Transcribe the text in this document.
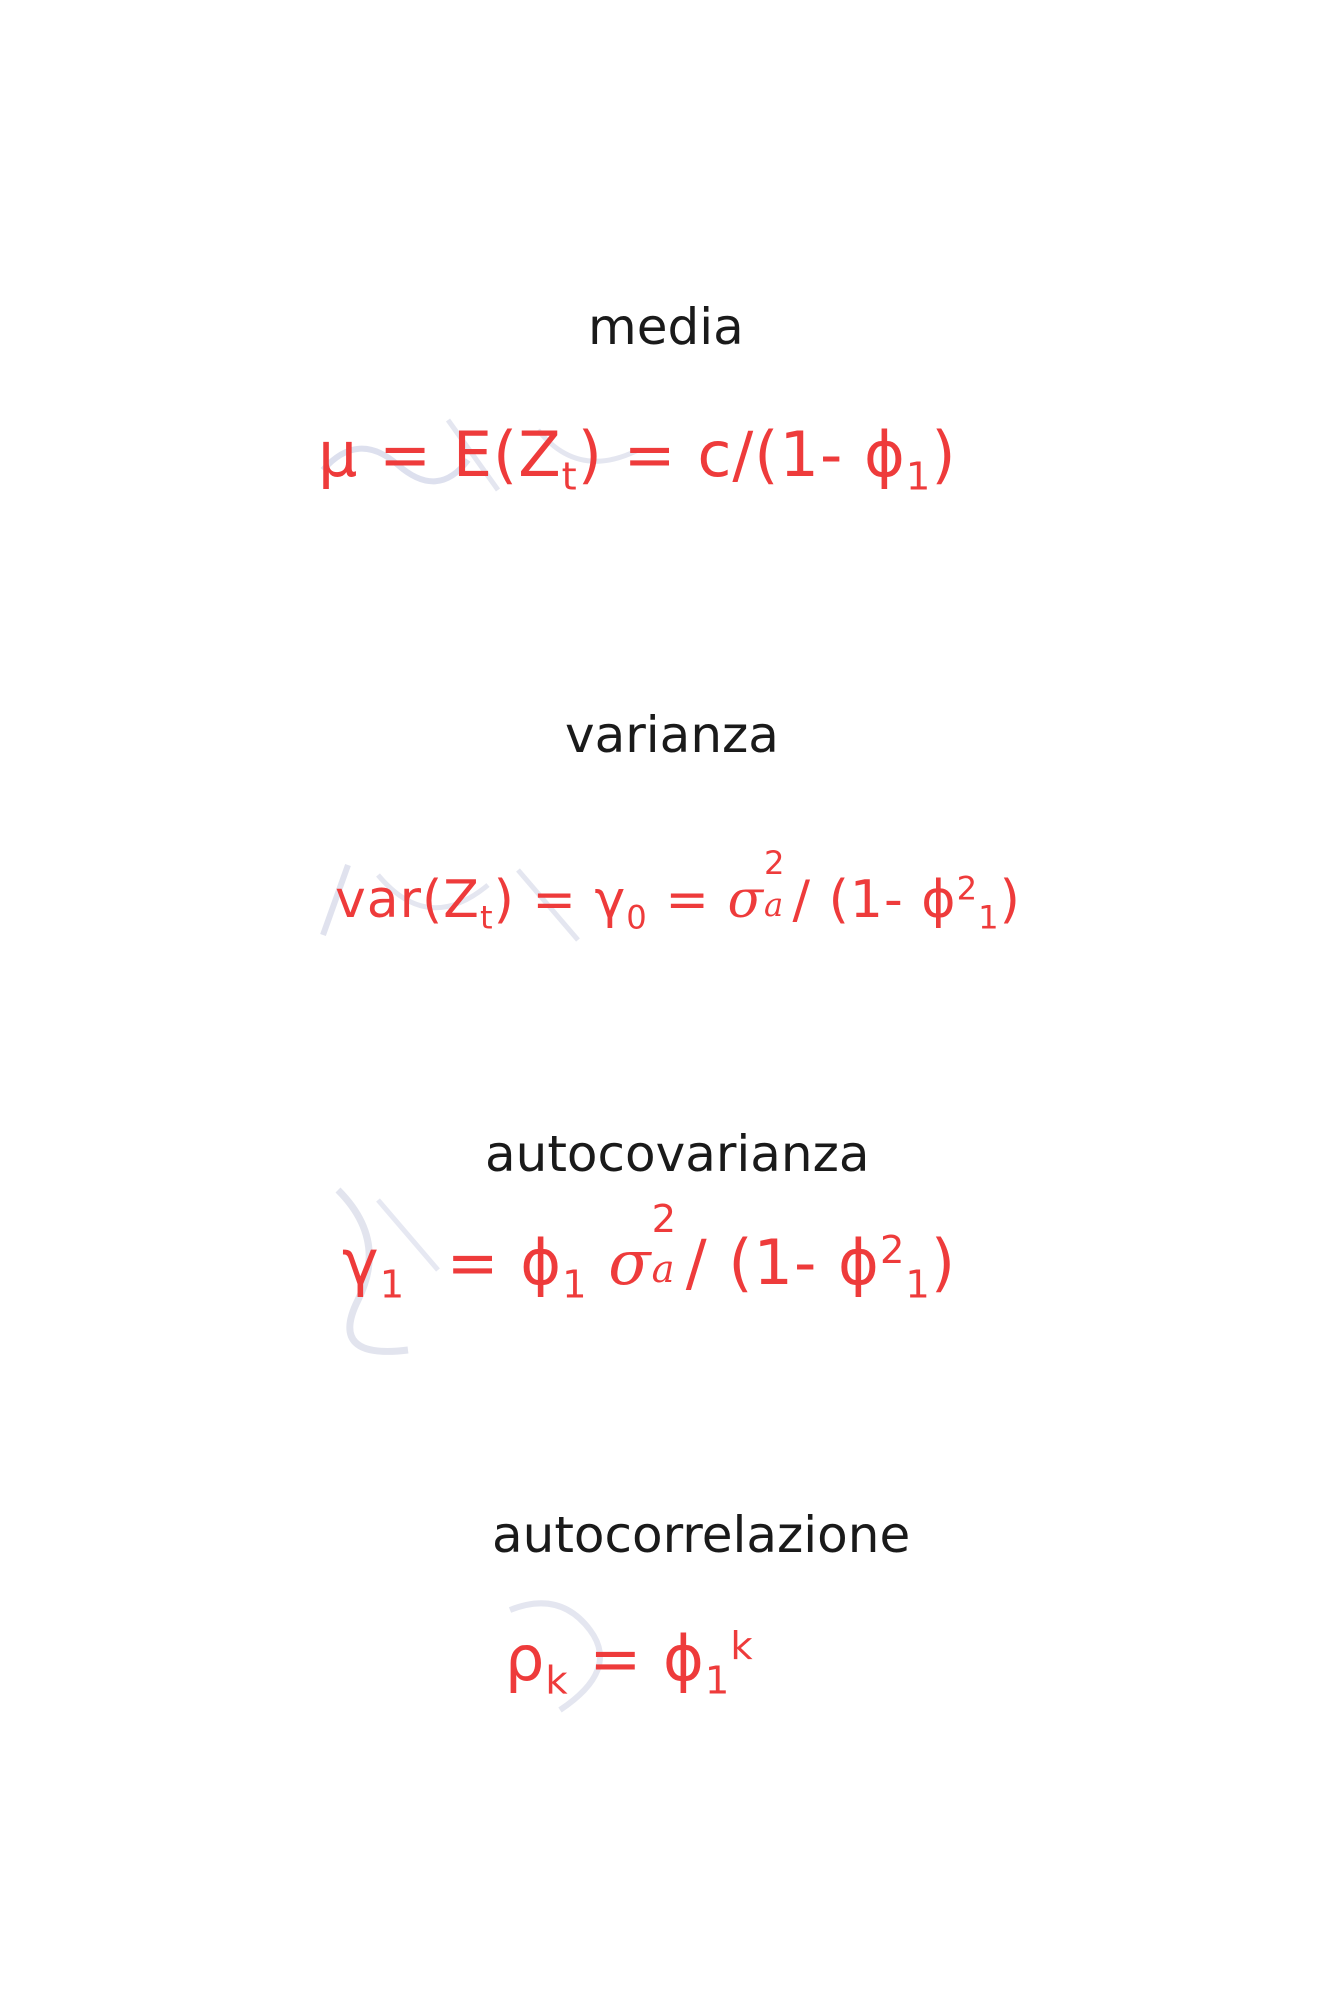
media
$\mu = E(Z_t) = c/(1-$ $\phi_1$)
varianza
$var(Z_t) = \gamma_0 = \sigma$
2
a / (1- $\phi^2_1$)
autocovarianza
$\gamma_1 = \phi_1$ σ
2
a / (1- $\phi^2_1$)
autocorrelazione
$\rho_k = \phi_1^k$
